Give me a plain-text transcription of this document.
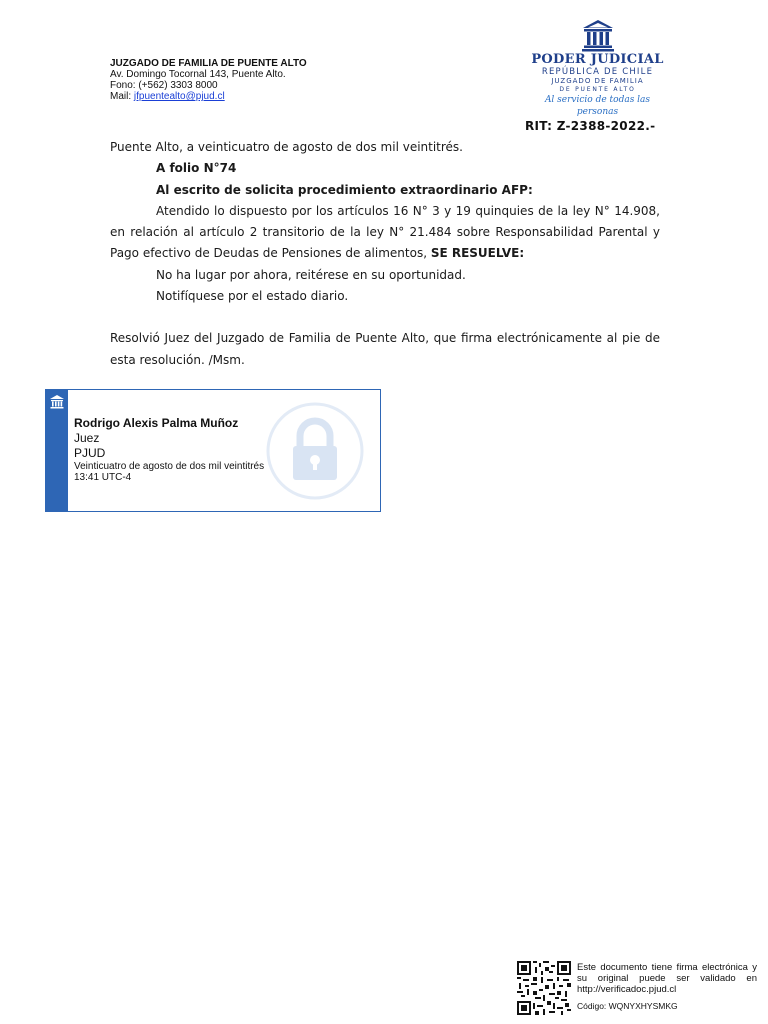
JUZGADO DE FAMILIA DE PUENTE ALTO
Av. Domingo Tocornal 143, Puente Alto.
Fono: (+562) 3303 8000
Mail: jfpuentealto@pjud.cl
PODER JUDICIAL
REPÚBLICA DE CHILE
JUZGADO DE FAMILIA
DE PUENTE ALTO
Al servicio de todas las personas
RIT: Z-2388-2022.-

Puente Alto, a veinticuatro de agosto de dos mil veintitrés.

A folio N°74

Al escrito de solicita procedimiento extraordinario AFP:

Atendido lo dispuesto por los artículos 16 N° 3 y 19 quinquies de la ley N° 14.908, en relación al artículo 2 transitorio de la ley N° 21.484 sobre Responsabilidad Parental y Pago efectivo de Deudas de Pensiones de alimentos, SE RESUELVE:

No ha lugar por ahora, reitérese en su oportunidad.

Notifíquese por el estado diario.

Resolvió Juez del Juzgado de Familia de Puente Alto, que firma electrónicamente al pie de esta resolución. /Msm.

Rodrigo Alexis Palma Muñoz
Juez
PJUD
Veinticuatro de agosto de dos mil veintitrés
13:41 UTC-4
Este documento tiene firma electrónica y su original puede ser validado en http://verificadoc.pjud.cl
Código: WQNYXHYSMKG
